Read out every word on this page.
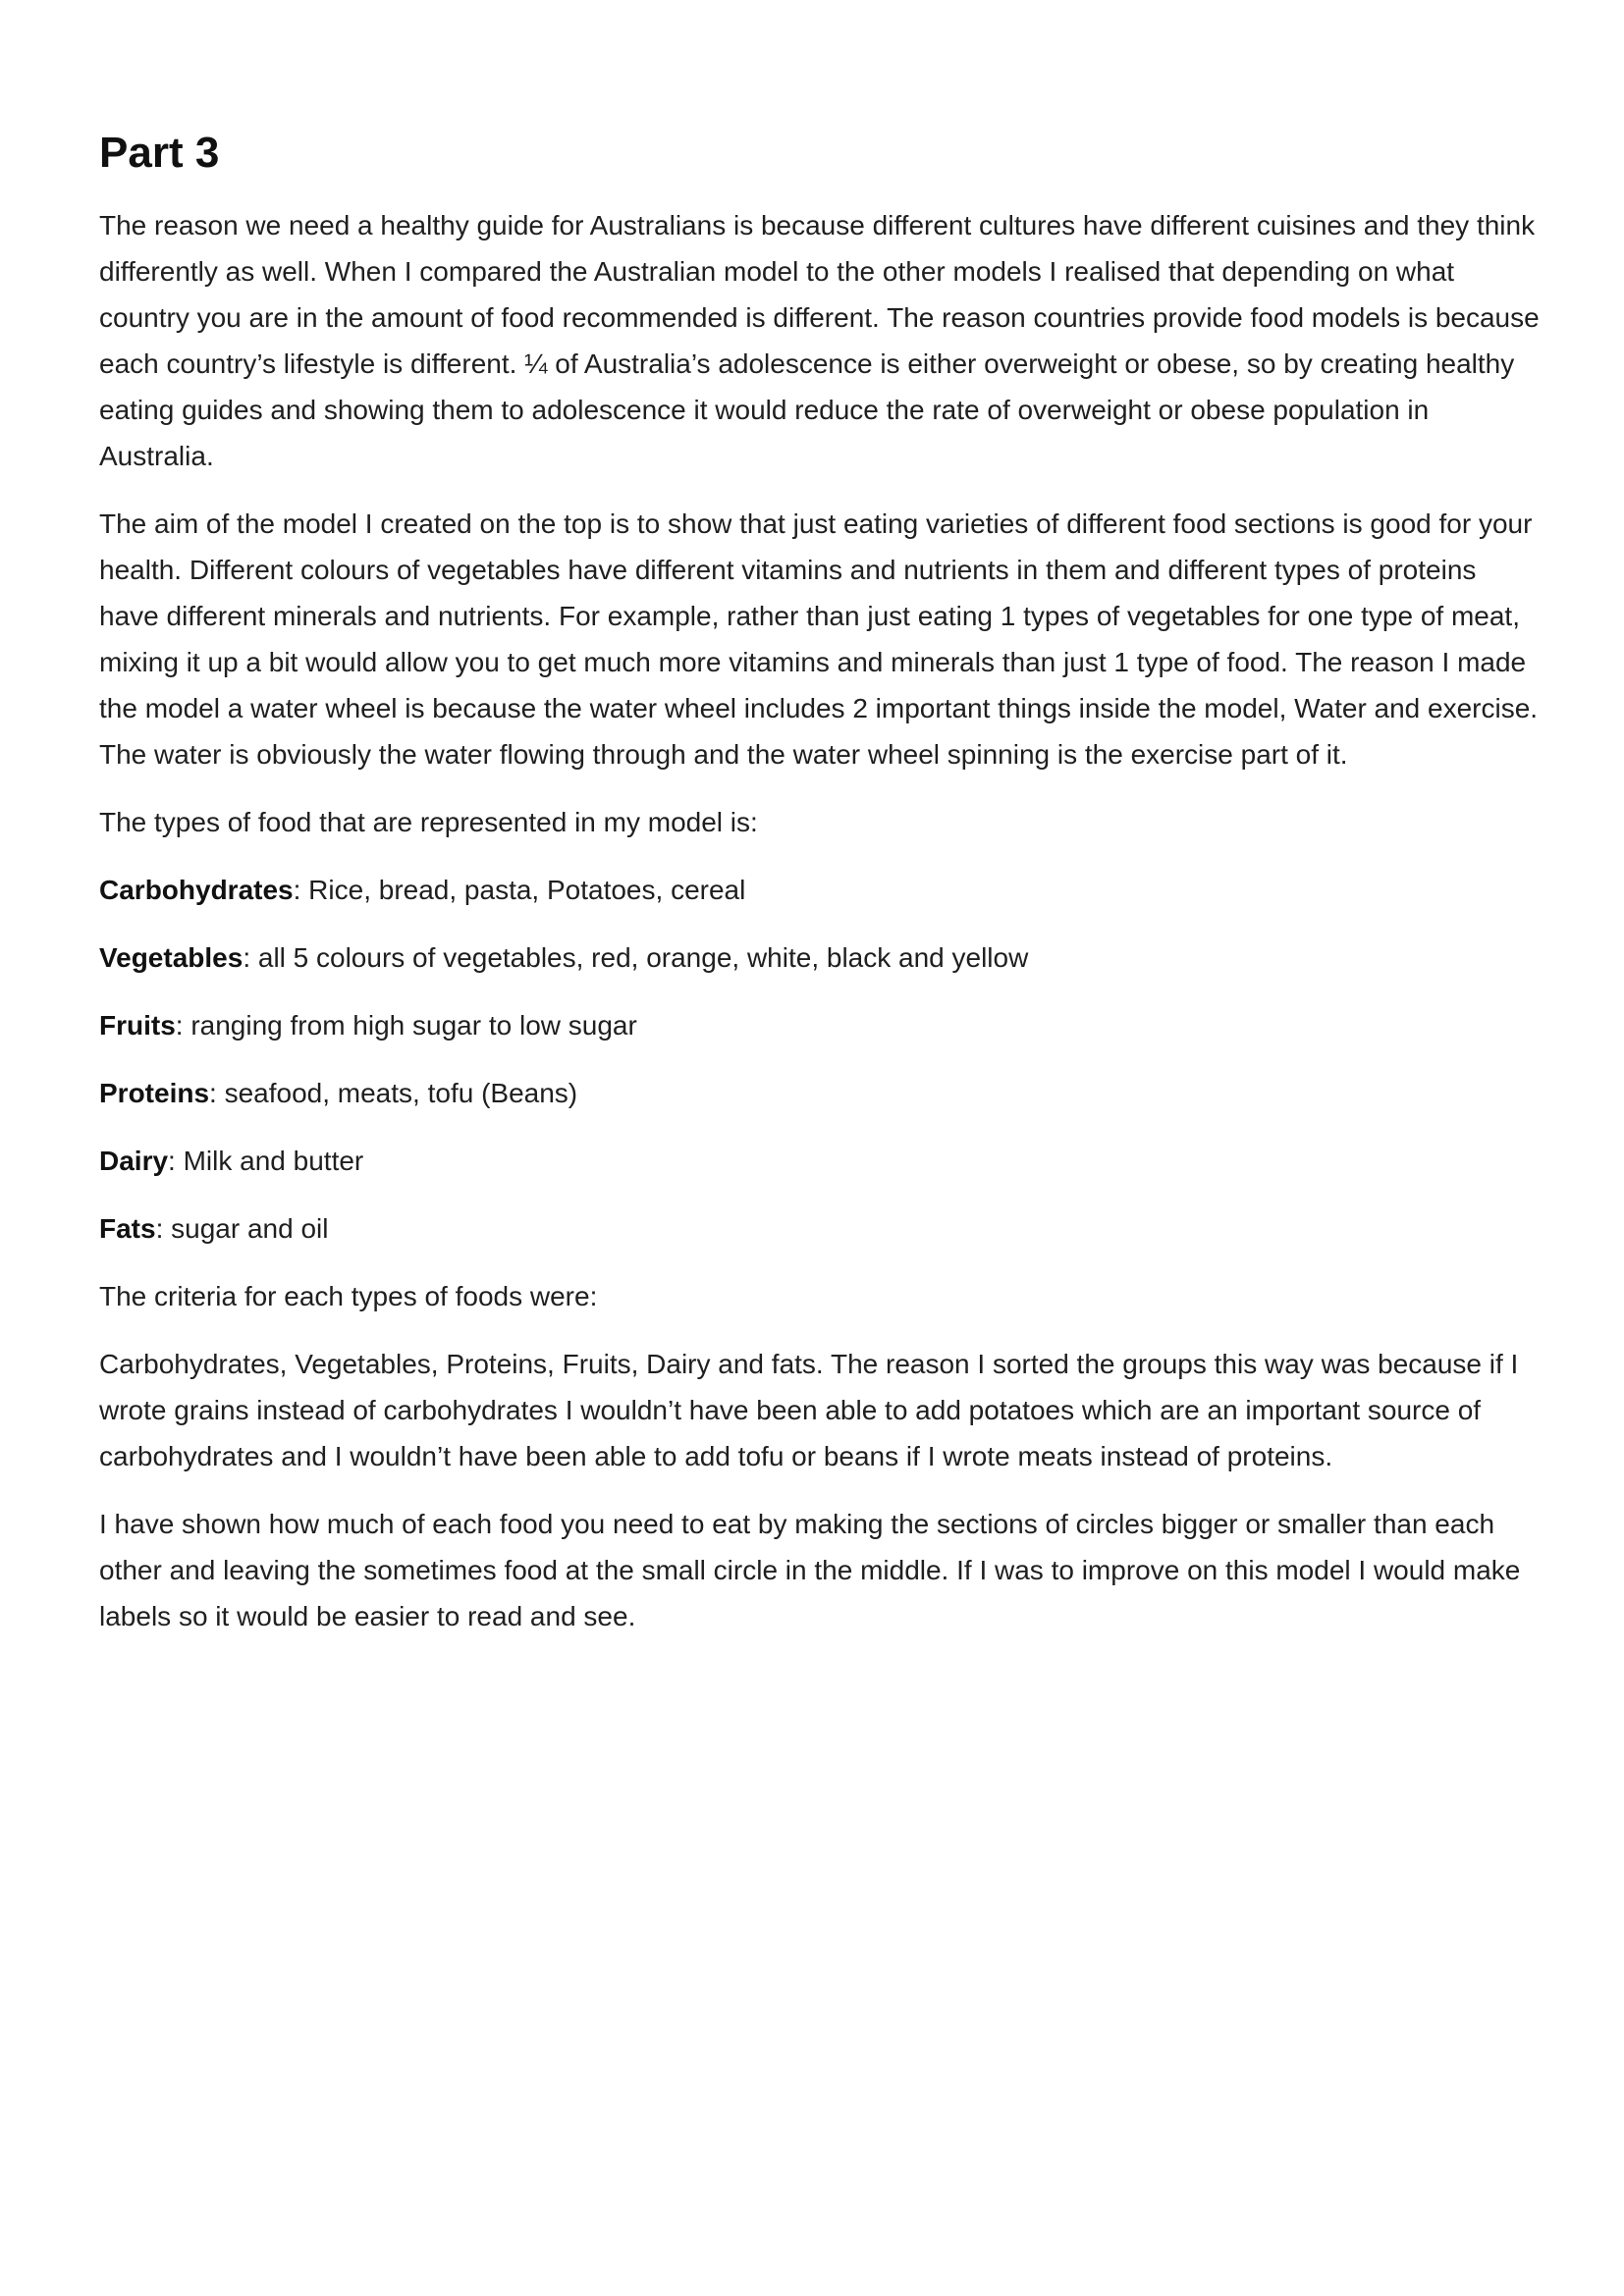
Part 3

The reason we need a healthy guide for Australians is because different cultures have different cuisines and they think differently as well. When I compared the Australian model to the other models I realised that depending on what country you are in the amount of food recommended is different. The reason countries provide food models is because each country’s lifestyle is different. ¼ of Australia’s adolescence is either overweight or obese, so by creating healthy eating guides and showing them to adolescence it would reduce the rate of overweight or obese population in Australia.

The aim of the model I created on the top is to show that just eating varieties of different food sections is good for your health. Different colours of vegetables have different vitamins and nutrients in them and different types of proteins have different minerals and nutrients. For example, rather than just eating 1 types of vegetables for one type of meat, mixing it up a bit would allow you to get much more vitamins and minerals than just 1 type of food. The reason I made the model a water wheel is because the water wheel includes 2 important things inside the model, Water and exercise. The water is obviously the water flowing through and the water wheel spinning is the exercise part of it.

The types of food that are represented in my model is:

Carbohydrates: Rice, bread, pasta, Potatoes, cereal

Vegetables: all 5 colours of vegetables, red, orange, white, black and yellow

Fruits: ranging from high sugar to low sugar

Proteins: seafood, meats, tofu (Beans)

Dairy: Milk and butter

Fats: sugar and oil

The criteria for each types of foods were:

Carbohydrates, Vegetables, Proteins, Fruits, Dairy and fats. The reason I sorted the groups this way was because if I wrote grains instead of carbohydrates I wouldn’t have been able to add potatoes which are an important source of carbohydrates and I wouldn’t have been able to add tofu or beans if I wrote meats instead of proteins.

I have shown how much of each food you need to eat by making the sections of circles bigger or smaller than each other and leaving the sometimes food at the small circle in the middle. If I was to improve on this model I would make labels so it would be easier to read and see.
